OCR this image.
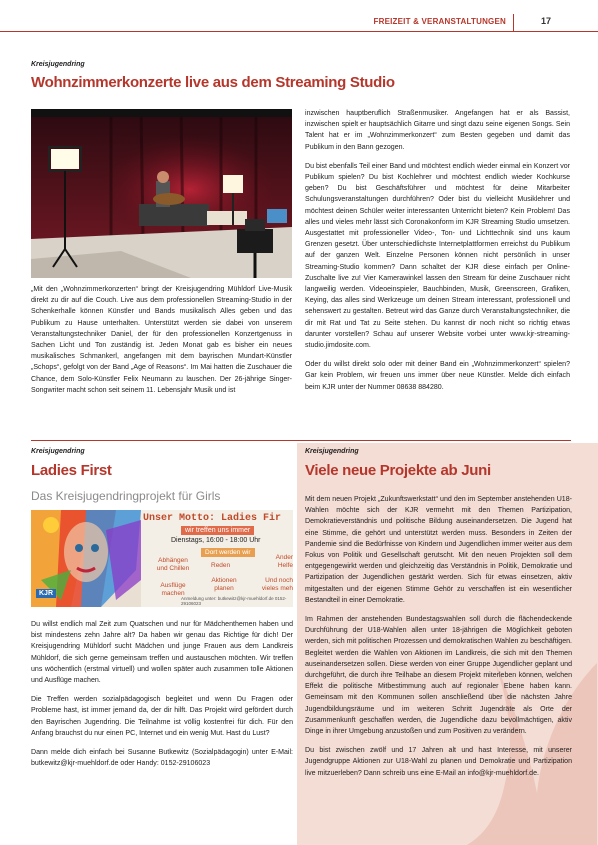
FREIZEIT & VERANSTALTUNGEN	17
Kreisjugendring
Wohnzimmerkonzerte live aus dem Streaming Studio

„Mit den „Wohnzimmerkonzerten“ bringt der Kreisjugendring Mühldorf Live-Musik direkt zu dir auf die Couch. Live aus dem professionellen Streaming-Studio in der Schenkerhalle können Künstler und Bands musikalisch Alles geben und das Publikum zu Hause unterhalten. Unterstützt werden sie dabei von unserem Veranstaltungstechniker Daniel, der für den professionellen Konzertgenuss in Sachen Licht und Ton zuständig ist. Jeden Monat gab es bisher ein neues musikalisches Schmankerl, angefangen mit dem bayrischen Mundart-Künstler „Schops“, gefolgt von der Band „Age of Reasons“. Im Mai hatten die Zuschauer die Chance, dem Solo-Künstler Felix Neumann zu lauschen. Der 26-jährige Singer-Songwriter macht schon seit seinem 11. Lebensjahr Musik und ist

inzwischen hauptberuflich Straßenmusiker. Angefangen hat er als Bassist, inzwischen spielt er hauptsächlich Gitarre und singt dazu seine eigenen Songs. Sein Talent hat er im „Wohnzimmerkonzert“ zum Besten gegeben und damit das Publikum in den Bann gezogen.

Du bist ebenfalls Teil einer Band und möchtest endlich wieder einmal ein Konzert vor Publikum spielen? Du bist Kochlehrer und möchtest endlich wieder Kochkurse geben? Du bist Geschäftsführer und möchtest für deine Mitarbeiter Schulungsveranstaltungen durchführen? Oder bist du vielleicht Musiklehrer und möchtest deinen Schüler weiter interessanten Unterricht bieten? Kein Problem! Das alles und vieles mehr lässt sich Coronakonform im KJR Streaming Studio umsetzen. Ausgestattet mit professioneller Video-, Ton- und Lichttechnik sind uns kaum Grenzen gesetzt. Über unterschiedlichste Internetplattformen erreichst du Publikum auf der ganzen Welt. Einzelne Personen können nicht persönlich in unser Streaming-Studio kommen? Dann schaltet der KJR diese einfach per Online-Zuschalte live zu! Vier Kamerawinkel lassen den Stream für deine Zuschauer nicht langweilig werden. Videoeinspieler, Bauchbinden, Musik, Greenscreen, Grafiken, Keying, das alles sind Werkzeuge um deinen Stream interessant, professionell und sehenswert zu gestalten. Betreut wird das Ganze durch Veranstaltungstechniker, die dir mit Rat und Tat zu Seite stehen. Du kannst dir noch nicht so richtig etwas darunter vorstellen? Schau auf unserer Website vorbei unter www.kjr-streaming-studio.jimdosite.com.

Oder du willst direkt solo oder mit deiner Band ein „Wohnzimmerkonzert“ spielen? Gar kein Problem, wir freuen uns immer über neue Künstler. Melde dich einfach beim KJR unter der Nummer 08638 884280.

Kreisjugendring
Ladies First
Das Kreisjugendringprojekt für Girls
KJR
Unser Motto: Ladies Fir
wir treffen uns immer
Dienstags, 16:00 - 18:00 Uhr
Dort werden wir
Abhängen und Chillen	Reden
Aktionen planen
Ausflüge machen
Und noch vieles meh
Ander Helfe
Anmeldung unter: butkewitz@kjr-muehldorf.de 0152-29106023

Du willst endlich mal Zeit zum Quatschen und nur für Mädchenthemen haben und bist mindestens zehn Jahre alt? Da haben wir genau das Richtige für dich! Der Kreisjugendring Mühldorf sucht Mädchen und junge Frauen aus dem Landkreis Mühldorf, die sich gerne gemeinsam treffen und austauschen möchten. Wir treffen uns wöchentlich (erstmal virtuell) und wollen später auch zusammen tolle Aktionen und Ausflüge machen.

Die Treffen werden sozialpädagogisch begleitet und wenn Du Fragen oder Probleme hast, ist immer jemand da, der dir hilft. Das Projekt wird gefördert durch den Bayrischen Jugendring. Die Teilnahme ist völlig kostenfrei für dich. Für den Anfang brauchst du nur einen PC, Internet und ein wenig Mut. Hast du Lust?

Dann melde dich einfach bei Susanne Butkewitz (Sozialpädagogin) unter E-Mail: butkewitz@kjr-muehldorf.de oder Handy: 0152-29106023

Kreisjugendring
Viele neue Projekte ab Juni

Mit dem neuen Projekt „Zukunftswerkstatt“ und den im September anstehenden U18-Wahlen möchte sich der KJR vermehrt mit den Themen Partizipation, Demokratieverständnis und politische Bildung auseinandersetzen. Die Jugend hat eine Stimme, die gehört und unterstützt werden muss. Besonders in Zeiten der Pandemie sind die Bedürfnisse von Kindern und Jugendlichen immer weiter aus dem Fokus von Politik und Gesellschaft gerutscht. Mit den neuen Projekten soll dem entgegengewirkt werden und gleichzeitig das Verständnis in Politik, Demokratie und Partizipation der Jugendlichen gestärkt werden. Sich für etwas einsetzen, aktiv mitgestalten und der eigenen Stimme Gehör zu verschaffen ist ein wesentlicher Bestandteil in einer Demokratie.

Im Rahmen der anstehenden Bundestagswahlen soll durch die flächendeckende Durchführung der U18-Wahlen allen unter 18-jährigen die Möglichkeit geboten werden, sich mit politischen Prozessen und demokratischen Wahlen zu beschäftigen. Begleitet werden die Wahlen von Aktionen im Landkreis, die sich mit den Themen auseinandersetzen sollen. Diese werden von einer Gruppe Jugendlicher geplant und durchgeführt, die durch ihre Teilhabe an diesem Projekt miterleben können, welchen Effekt die politische Mitbestimmung auch auf regionaler Ebene haben kann. Gemeinsam mit den Kommunen sollen anschließend über die nächsten Jahre Jugendbildungsräume und im weiteren Schritt Jugendräte als Orte der Zusammenkunft geschaffen werden, die Jugendliche dazu bevollmächtigen, aktiv Dinge in ihrer Umgebung anzustoßen und zum Positiven zu verändern.

Du bist zwischen zwölf und 17 Jahren alt und hast Interesse, mit unserer Jugendgruppe Aktionen zur U18-Wahl zu planen und Demokratie und Partizipation live mitzuerleben? Dann schreib uns eine E-Mail an info@kjr-muehldorf.de.
